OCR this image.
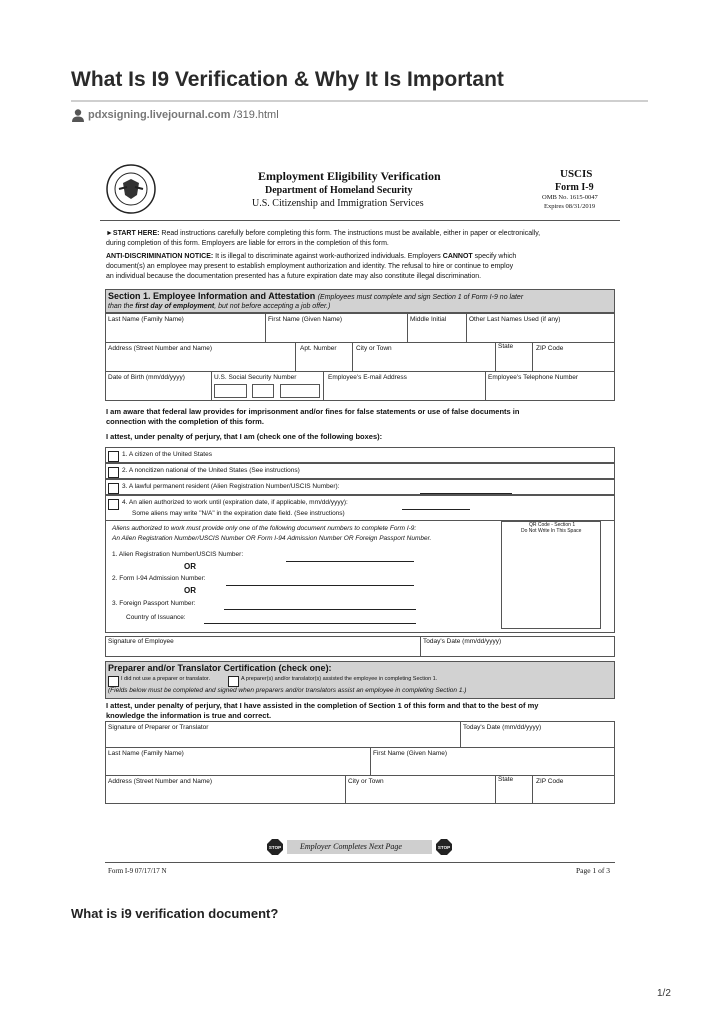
What Is I9 Verification & Why It Is Important
pdxsigning.livejournal.com /319.html
Employment Eligibility Verification
Department of Homeland Security
U.S. Citizenship and Immigration Services
USCIS
Form I-9
OMB No. 1615-0047
Expires 08/31/2019
►START HERE: Read instructions carefully before completing this form. The instructions must be available, either in paper or electronically,
during completion of this form. Employers are liable for errors in the completion of this form.
ANTI-DISCRIMINATION NOTICE: It is illegal to discriminate against work-authorized individuals. Employers CANNOT specify which
document(s) an employee may present to establish employment authorization and identity. The refusal to hire or continue to employ
an individual because the documentation presented has a future expiration date may also constitute illegal discrimination.
Section 1. Employee Information and Attestation (Employees must complete and sign Section 1 of Form I-9 no later
than the first day of employment, but not before accepting a job offer.)
Last Name (Family Name)	First Name (Given Name)	Middle Initial	Other Last Names Used (if any)
Address (Street Number and Name)	Apt. Number	City or Town	State	ZIP Code
Date of Birth (mm/dd/yyyy)	U.S. Social Security Number	Employee's E-mail Address	Employee's Telephone Number
I am aware that federal law provides for imprisonment and/or fines for false statements or use of false documents in
connection with the completion of this form.
I attest, under penalty of perjury, that I am (check one of the following boxes):
1. A citizen of the United States
2. A noncitizen national of the United States (See instructions)
3. A lawful permanent resident (Alien Registration Number/USCIS Number):
4. An alien authorized to work until (expiration date, if applicable, mm/dd/yyyy):
Some aliens may write "N/A" in the expiration date field. (See instructions)
Aliens authorized to work must provide only one of the following document numbers to complete Form I-9:
An Alien Registration Number/USCIS Number OR Form I-94 Admission Number OR Foreign Passport Number.
QR Code - Section 1
Do Not Write In This Space
1. Alien Registration Number/USCIS Number:
OR
2. Form I-94 Admission Number:
OR
3. Foreign Passport Number:
Country of Issuance:
Signature of Employee	Today's Date (mm/dd/yyyy)
Preparer and/or Translator Certification (check one):
I did not use a preparer or translator.	A preparer(s) and/or translator(s) assisted the employee in completing Section 1.
(Fields below must be completed and signed when preparers and/or translators assist an employee in completing Section 1.)
I attest, under penalty of perjury, that I have assisted in the completion of Section 1 of this form and that to the best of my
knowledge the information is true and correct.
Signature of Preparer or Translator	Today's Date (mm/dd/yyyy)
Last Name (Family Name)	First Name (Given Name)
Address (Street Number and Name)	City or Town	State	ZIP Code
STOP Employer Completes Next Page	STOP
Form I-9 07/17/17 N	Page 1 of 3
What is i9 verification document?
1/2
